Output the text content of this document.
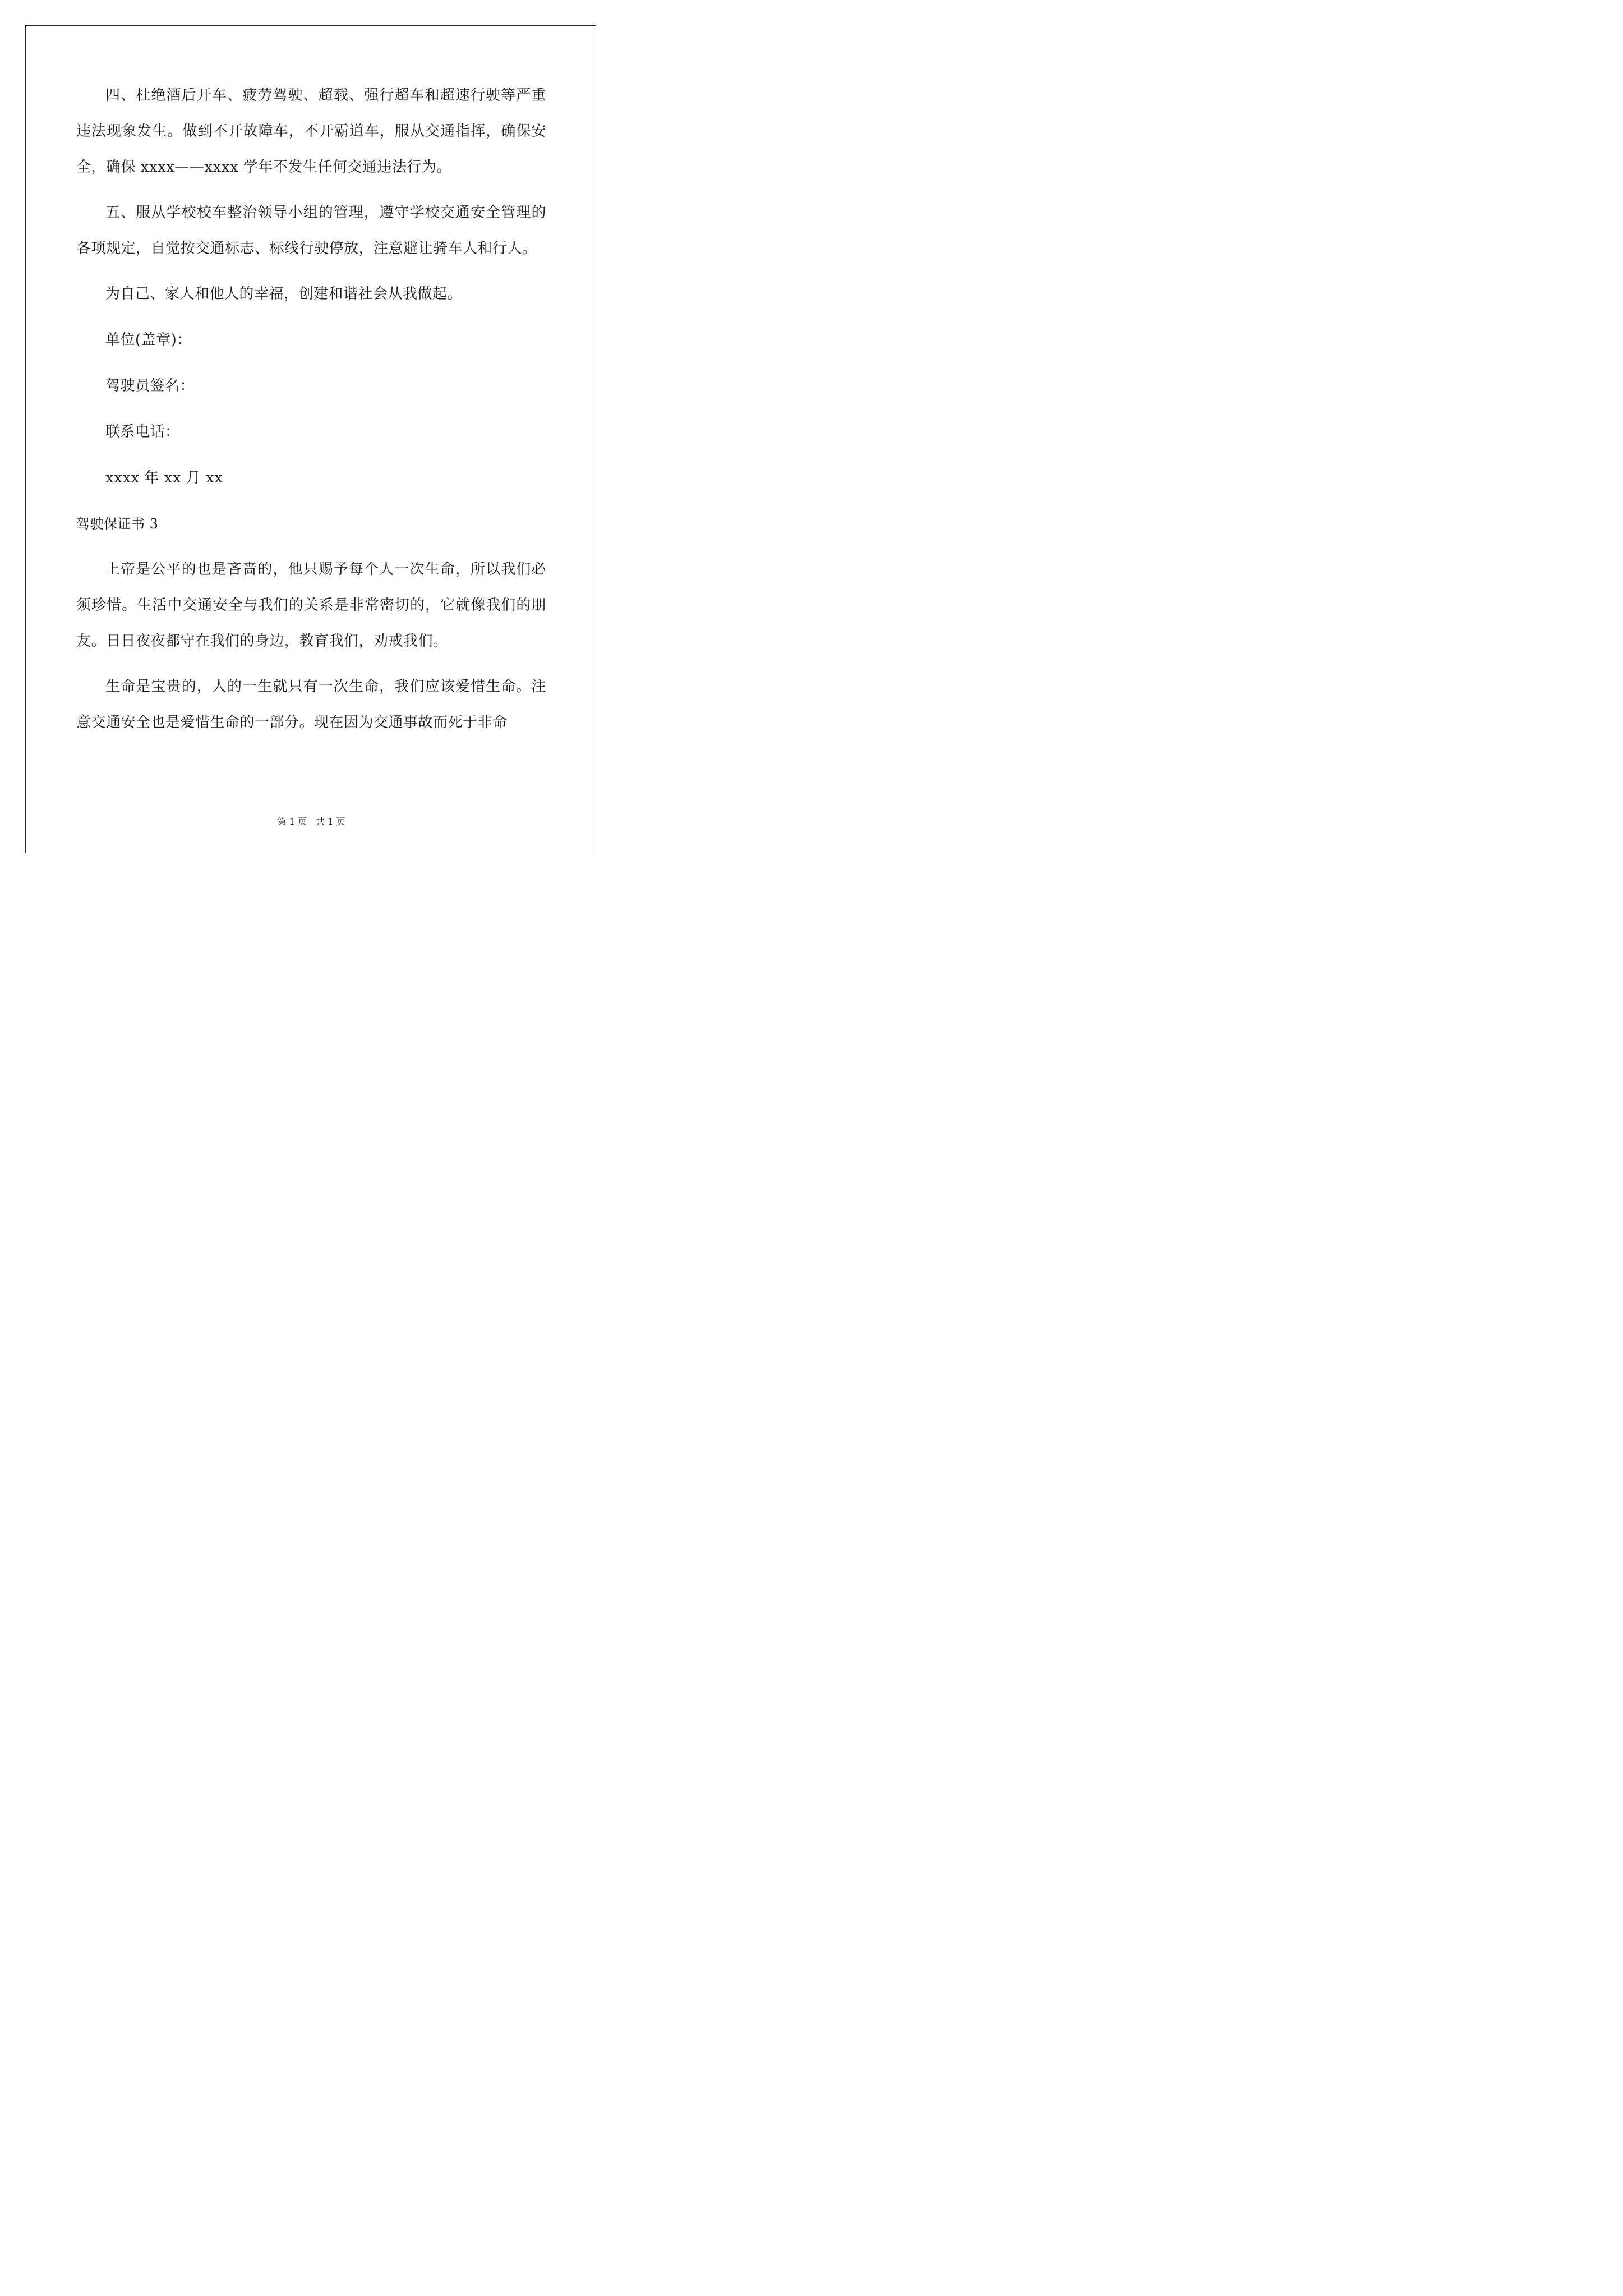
四、杜绝酒后开车、疲劳驾驶、超载、强行超车和超速行驶等严重违法现象发生。做到不开故障车，不开霸道车，服从交通指挥，确保安全，确保 xxxx——xxxx 学年不发生任何交通违法行为。

五、服从学校校车整治领导小组的管理，遵守学校交通安全管理的各项规定，自觉按交通标志、标线行驶停放，注意避让骑车人和行人。

为自己、家人和他人的幸福，创建和谐社会从我做起。

单位(盖章)：

驾驶员签名：

联系电话：

xxxx 年 xx 月 xx

驾驶保证书 3

上帝是公平的也是吝啬的，他只赐予每个人一次生命，所以我们必须珍惜。生活中交通安全与我们的关系是非常密切的，它就像我们的朋友。日日夜夜都守在我们的身边，教育我们，劝戒我们。

生命是宝贵的，人的一生就只有一次生命，我们应该爱惜生命。注意交通安全也是爱惜生命的一部分。现在因为交通事故而死于非命

第 1 页　共 1 页
